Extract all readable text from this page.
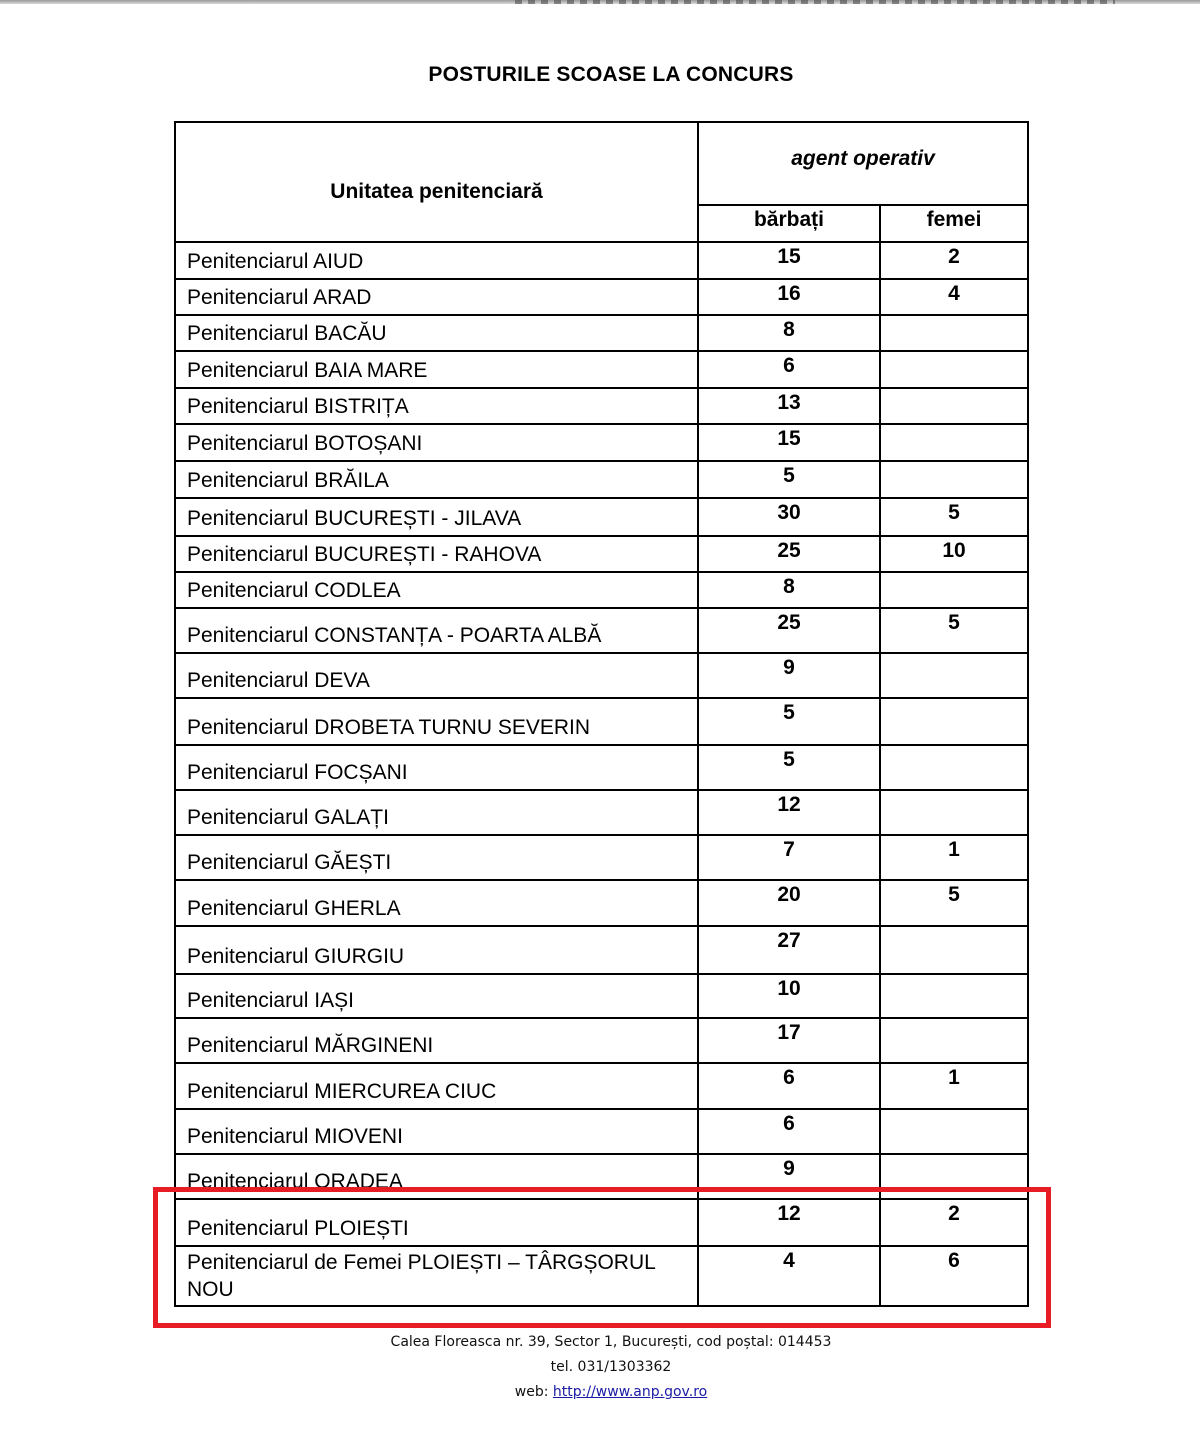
POSTURILE SCOASE LA CONCURS
Unitatea penitenciară	agent operativ	
	bărbați	femei
Penitenciarul AIUD	15	2
Penitenciarul ARAD	16	4
Penitenciarul BACĂU	8	
Penitenciarul BAIA MARE	6	
Penitenciarul BISTRIȚA	13	
Penitenciarul BOTOȘANI	15	
Penitenciarul BRĂILA	5	
Penitenciarul BUCUREȘTI - JILAVA	30	5
Penitenciarul BUCUREȘTI - RAHOVA	25	10
Penitenciarul CODLEA	8	
Penitenciarul CONSTANȚA - POARTA ALBĂ	25	5
Penitenciarul DEVA	9	
Penitenciarul DROBETA TURNU SEVERIN	5	
Penitenciarul FOCȘANI	5	
Penitenciarul GALAȚI	12	
Penitenciarul GĂEȘTI	7	1
Penitenciarul GHERLA	20	5
Penitenciarul GIURGIU	27	
Penitenciarul IAȘI	10	
Penitenciarul MĂRGINENI	17	
Penitenciarul MIERCUREA CIUC	6	1
Penitenciarul MIOVENI	6	
Penitenciarul ORADEA	9	
Penitenciarul PLOIEȘTI	12	2
Penitenciarul de Femei PLOIEȘTI – TÂRGȘORUL NOU	4	6
Calea Floreasca nr. 39, Sector 1, București, cod poștal: 014453
tel. 031/1303362
web: http://www.anp.gov.ro
